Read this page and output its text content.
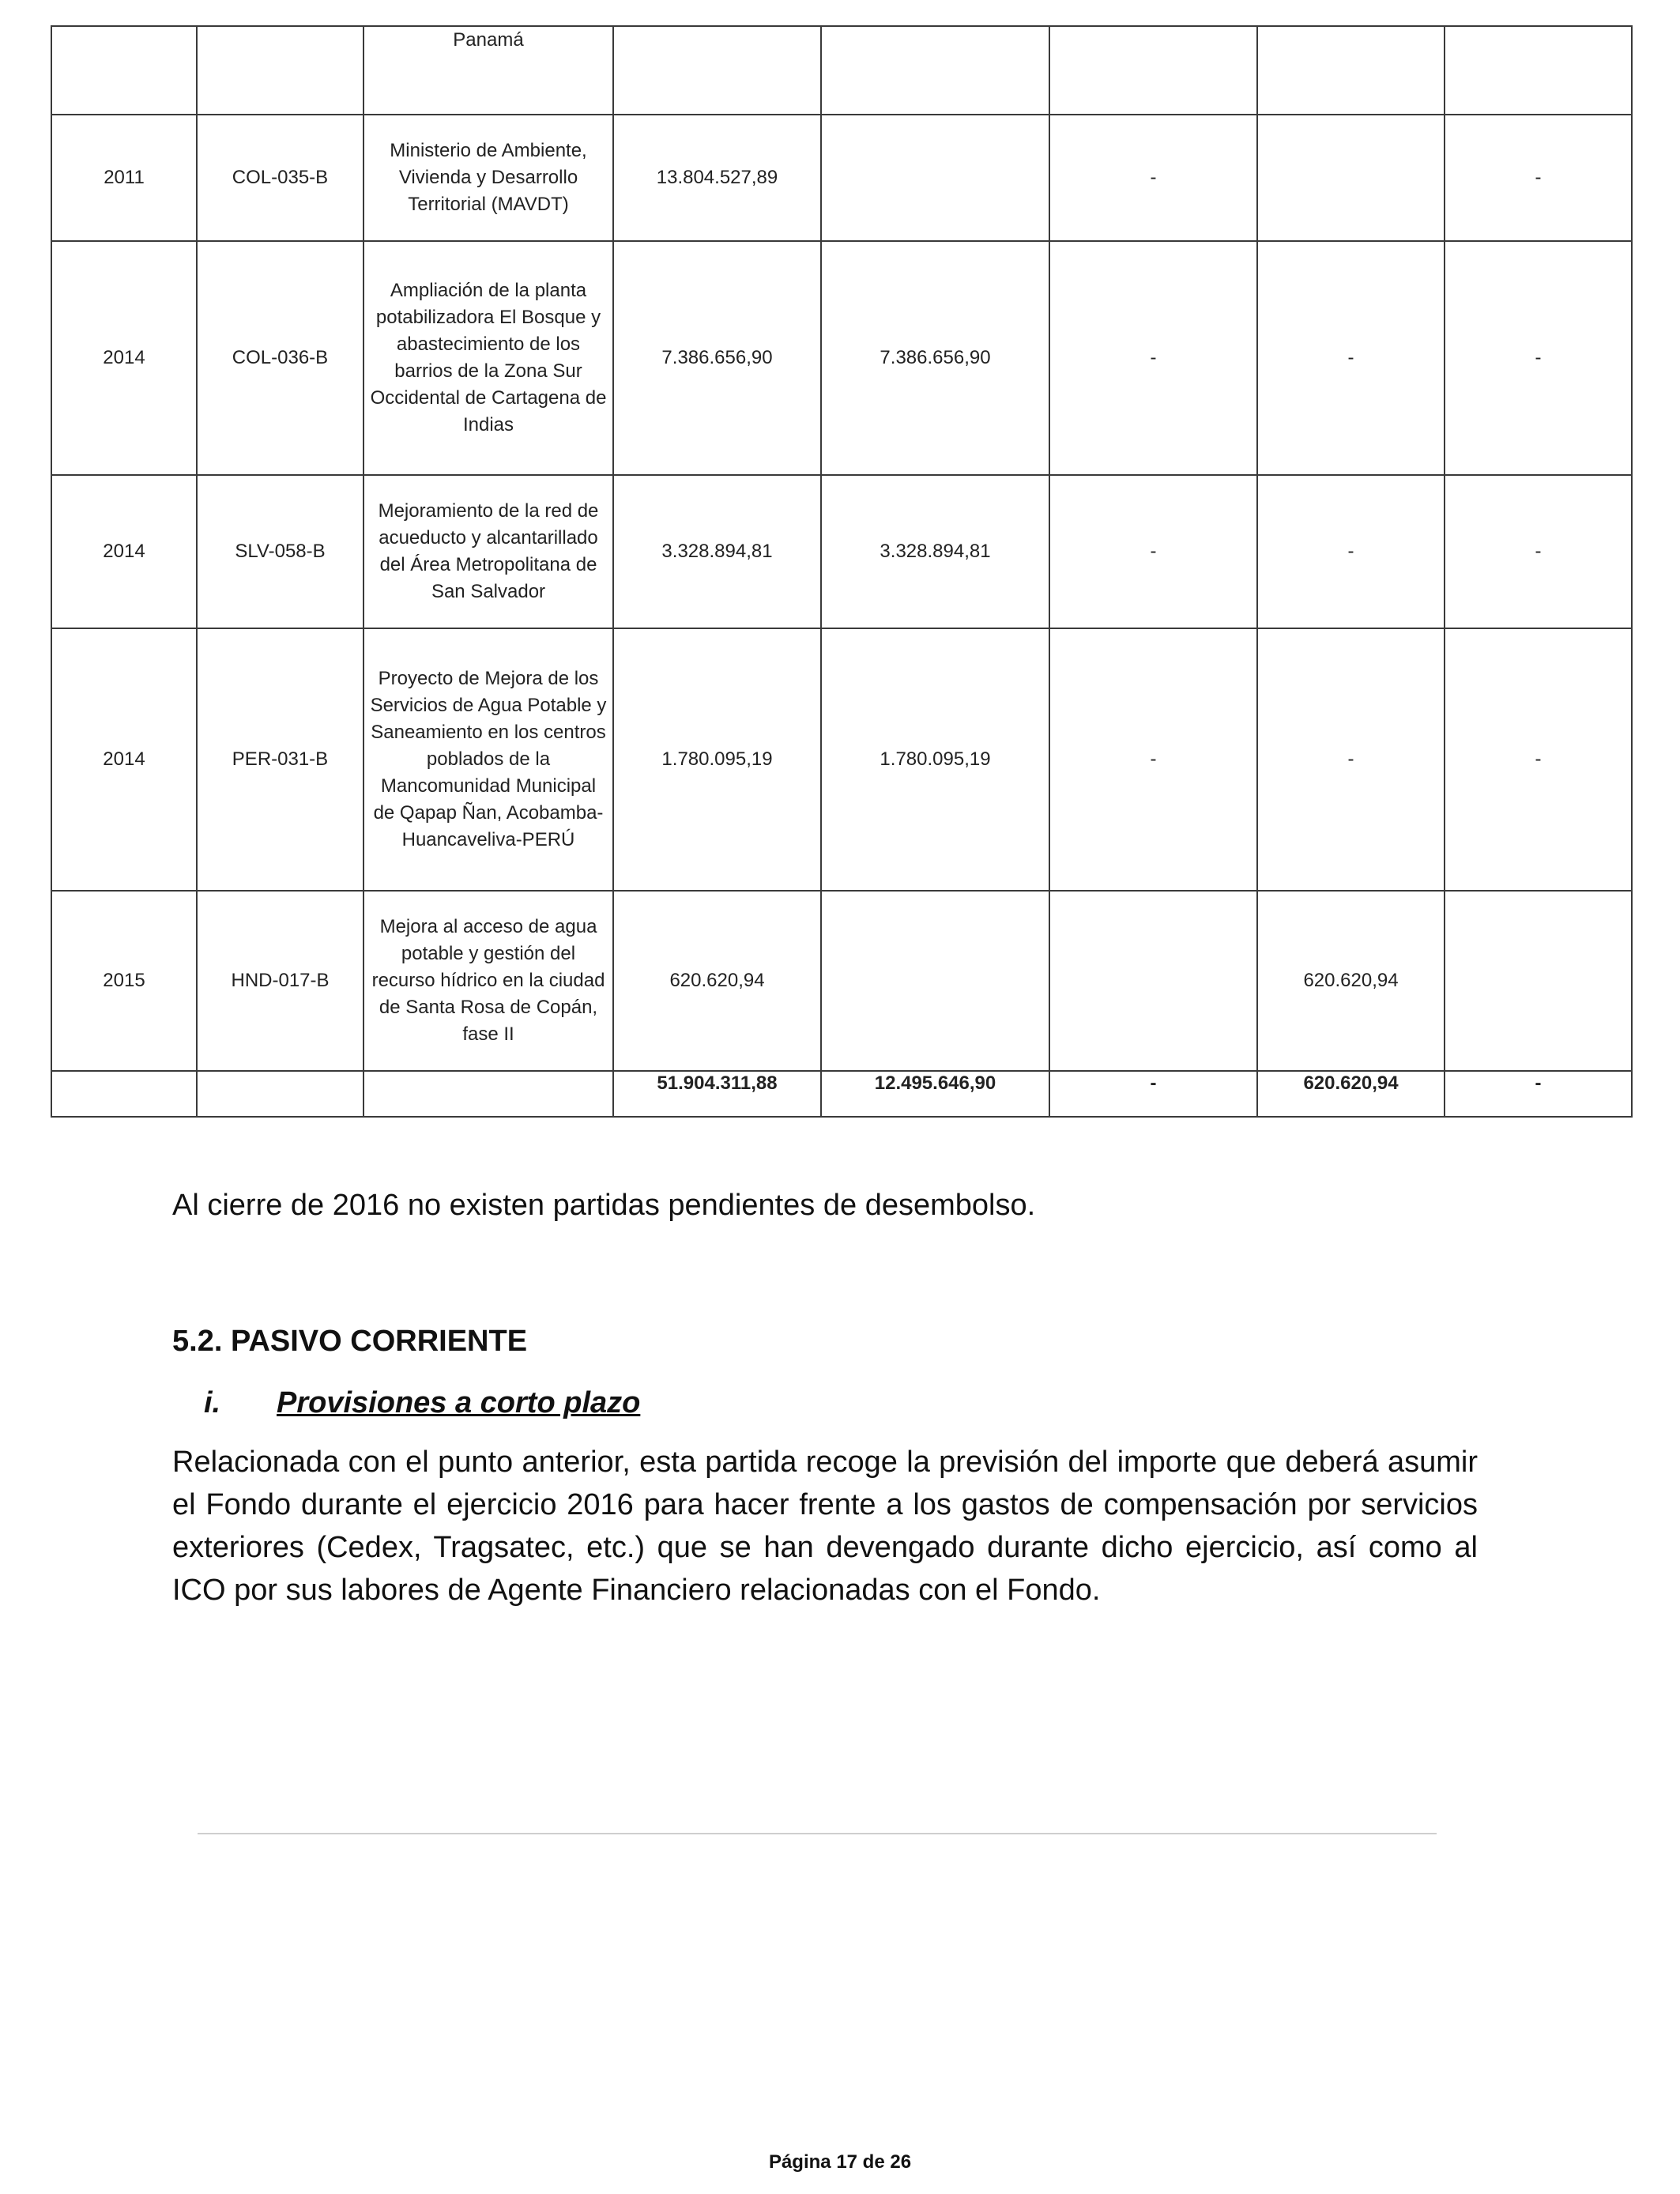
		Panamá					
2011	COL-035-B	Ministerio de Ambiente, Vivienda y Desarrollo Territorial (MAVDT)	13.804.527,89		-		-
2014	COL-036-B	Ampliación de la planta potabilizadora El Bosque y abastecimiento de los barrios de la Zona Sur Occidental de Cartagena de Indias	7.386.656,90	7.386.656,90	-	-	-
2014	SLV-058-B	Mejoramiento de la red de acueducto y alcantarillado del Área Metropolitana de San Salvador	3.328.894,81	3.328.894,81	-	-	-
2014	PER-031-B	Proyecto de Mejora de los Servicios de Agua Potable y Saneamiento en los centros poblados de la Mancomunidad Municipal de Qapap Ñan, Acobamba-Huancaveliva-PERÚ	1.780.095,19	1.780.095,19	-	-	-
2015	HND-017-B	Mejora al acceso de agua potable y gestión del recurso hídrico en la ciudad de Santa Rosa de Copán, fase II	620.620,94			620.620,94	
			51.904.311,88	12.495.646,90	-	620.620,94	-

Al cierre de 2016 no existen partidas pendientes de desembolso.

5.2. PASIVO CORRIENTE
i. Provisiones a corto plazo

Relacionada con el punto anterior, esta partida recoge la previsión del importe que deberá asumir el Fondo durante el ejercicio 2016 para hacer frente a los gastos de compensación por servicios exteriores (Cedex, Tragsatec, etc.) que se han devengado durante dicho ejercicio, así como al ICO por sus labores de Agente Financiero relacionadas con el Fondo.

Página 17 de 26
